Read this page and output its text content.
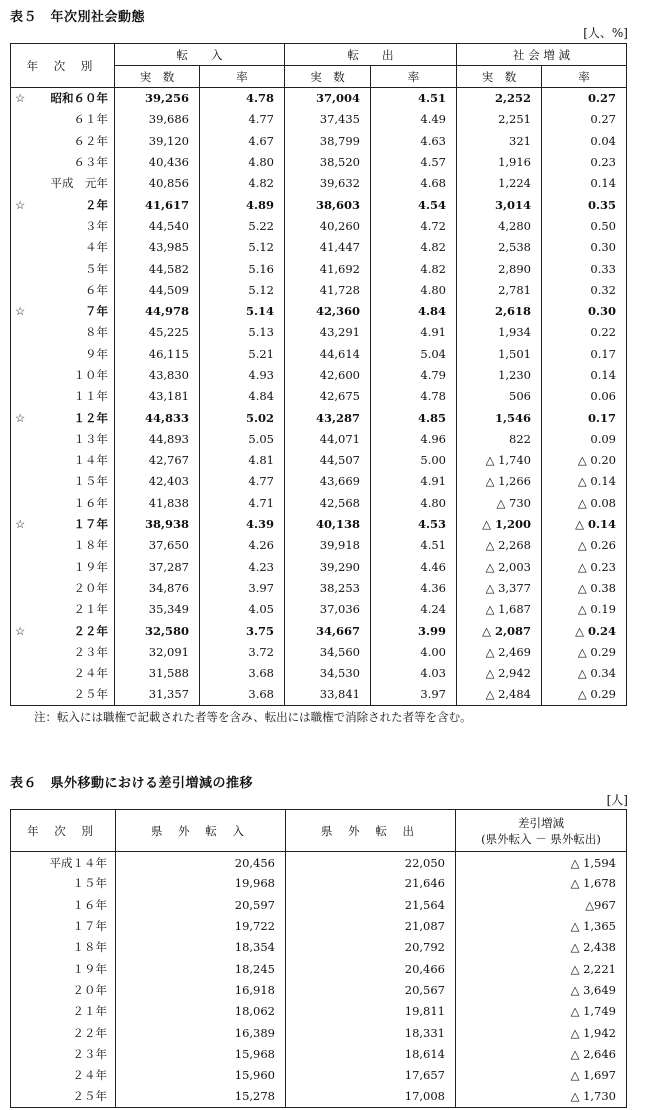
表５　年次別社会動態
[人、%]
年 次 別	転　　入		転　　出		社 会 増 減	
	実　数	率	実　数	率	実　数	率

☆ 昭和６０年	39,256	4.78	37,004	4.51	2,252	0.27

６１年	39,686	4.77	37,435	4.49	2,251	0.27

６２年	39,120	4.67	38,799	4.63	321	0.04

６３年	40,436	4.80	38,520	4.57	1,916	0.23

平成　元年	40,856	4.82	39,632	4.68	1,224	0.14

☆ ２年	41,617	4.89	38,603	4.54	3,014	0.35

３年	44,540	5.22	40,260	4.72	4,280	0.50

４年	43,985	5.12	41,447	4.82	2,538	0.30

５年	44,582	5.16	41,692	4.82	2,890	0.33

６年	44,509	5.12	41,728	4.80	2,781	0.32

☆ ７年	44,978	5.14	42,360	4.84	2,618	0.30

８年	45,225	5.13	43,291	4.91	1,934	0.22

９年	46,115	5.21	44,614	5.04	1,501	0.17

１０年	43,830	4.93	42,600	4.79	1,230	0.14

１１年	43,181	4.84	42,675	4.78	506	0.06

☆ １２年	44,833	5.02	43,287	4.85	1,546	0.17

１３年	44,893	5.05	44,071	4.96	822	0.09

１４年	42,767	4.81	44,507	5.00	△ 1,740	△ 0.20

１５年	42,403	4.77	43,669	4.91	△ 1,266	△ 0.14

１６年	41,838	4.71	42,568	4.80	△ 730	△ 0.08

☆ １７年	38,938	4.39	40,138	4.53	△ 1,200	△ 0.14

１８年	37,650	4.26	39,918	4.51	△ 2,268	△ 0.26

１９年	37,287	4.23	39,290	4.46	△ 2,003	△ 0.23

２０年	34,876	3.97	38,253	4.36	△ 3,377	△ 0.38

２１年	35,349	4.05	37,036	4.24	△ 1,687	△ 0.19

☆ ２２年	32,580	3.75	34,667	3.99	△ 2,087	△ 0.24

２３年	32,091	3.72	34,560	4.00	△ 2,469	△ 0.29

２４年	31,588	3.68	34,530	4.03	△ 2,942	△ 0.34

２５年	31,357	3.68	33,841	3.97	△ 2,484	△ 0.29
注：転入には職権で記載された者等を含み、転出には職権で消除された者等を含む。
表６　県外移動における差引増減の推移
[人]
年 次 別	県 外 転 入	県 外 転 出	差引増減
(県外転入 － 県外転出)

平成１４年	20,456	22,050	△ 1,594
１５年	19,968	21,646	△ 1,678
１６年	20,597	21,564	△967
１７年	19,722	21,087	△ 1,365
１８年	18,354	20,792	△ 2,438
１９年	18,245	20,466	△ 2,221
２０年	16,918	20,567	△ 3,649
２１年	18,062	19,811	△ 1,749
２２年	16,389	18,331	△ 1,942
２３年	15,968	18,614	△ 2,646
２４年	15,960	17,657	△ 1,697
２５年	15,278	17,008	△ 1,730
